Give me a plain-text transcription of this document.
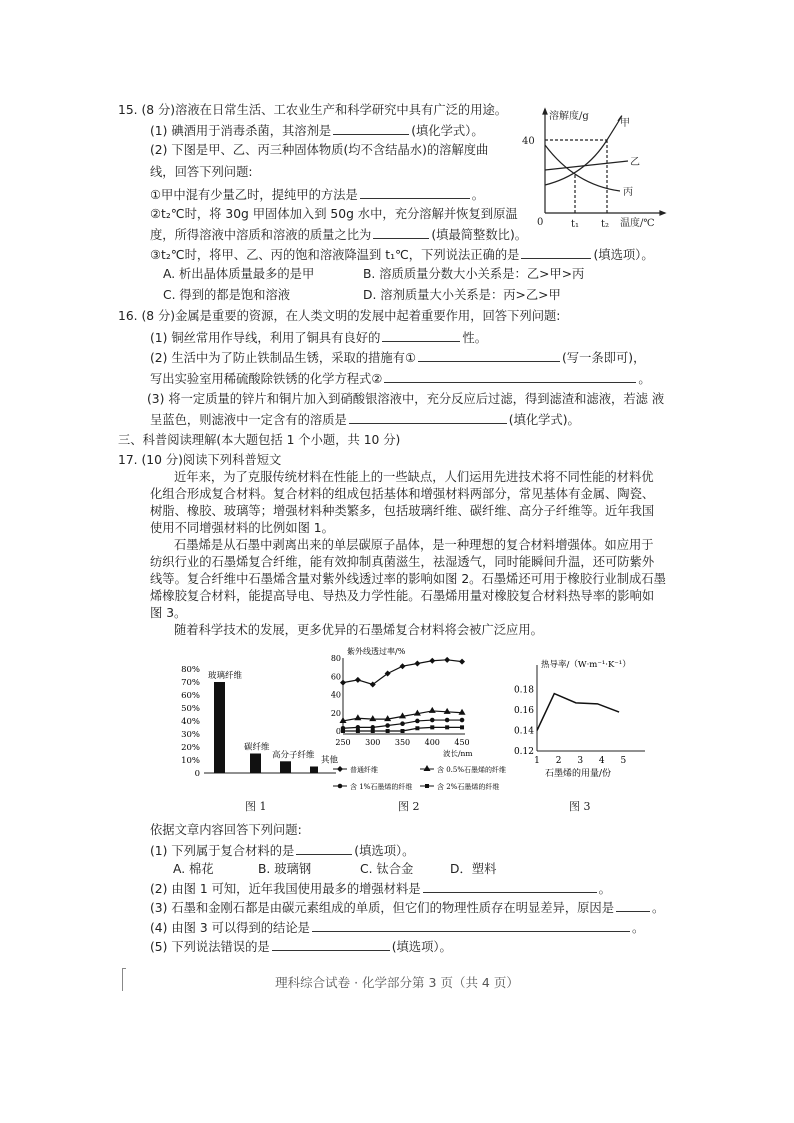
15. (8 分)溶液在日常生活、工农业生产和科学研究中具有广泛的用途。
(1) 碘酒用于消毒杀菌，其溶剂是	(填化学式）。
(2) 下图是甲、乙、丙三种固体物质(均不含结晶水)的溶解度曲
线，回答下列问题:
①甲中混有少量乙时，提纯甲的方法是	。
②t₂℃时，将 30g 甲固体加入到 50g 水中，充分溶解并恢复到原温
度，所得溶液中溶质和溶液的质量之比为	(填最简整数比)。
③t₂℃时，将甲、乙、丙的饱和溶液降温到 t₁℃，下列说法正确的是	(填选项）。
A. 析出晶体质量最多的是甲	B. 溶质质量分数大小关系是：乙>甲>丙
C. 得到的都是饱和溶液	D. 溶剂质量大小关系是：丙>乙>甲
溶解度/g
40
0	t₁ t₂ 温度/℃
甲
乙
丙
16. (8 分)金属是重要的资源，在人类文明的发展中起着重要作用，回答下列问题:
(1) 铜丝常用作导线，利用了铜具有良好的	性。
(2) 生活中为了防止铁制品生锈，采取的措施有①	(写一条即可)，
写出实验室用稀硫酸除铁锈的化学方程式②	。
(3) 将一定质量的锌片和铜片加入到硝酸银溶液中，充分反应后过滤，得到滤渣和滤液，若滤 液
呈蓝色，则滤液中一定含有的溶质是	(填化学式)。
三、科普阅读理解(本大题包括 1 个小题，共 10 分)
17. (10 分)阅读下列科普短文
近年来，为了克服传统材料在性能上的一些缺点，人们运用先进技术将不同性能的材料优
化组合形成复合材料。复合材料的组成包括基体和增强材料两部分，常见基体有金属、陶瓷、
树脂、橡胶、玻璃等；增强材料种类繁多，包括玻璃纤维、碳纤维、高分子纤维等。近年我国
使用不同增强材料的比例如图 1。
石墨烯是从石墨中剥离出来的单层碳原子晶体，是一种理想的复合材料增强体。如应用于
纺织行业的石墨烯复合纤维，能有效抑制真菌滋生，祛湿透气，同时能瞬间升温，还可防紫外
线等。复合纤维中石墨烯含量对紫外线透过率的影响如图 2。石墨烯还可用于橡胶行业制成石墨
烯橡胶复合材料，能提高导电、导热及力学性能。石墨烯用量对橡胶复合材料热导率的影响如
图 3。
随着科学技术的发展，更多优异的石墨烯复合材料将会被广泛应用。
0
10%
20%
30%
40%
50%
60%
70%
80%
玻璃纤维
碳纤维
高分子纤维
其他
0
20
40
60
80
250 300 350 400 450
紫外线透过率/%
波长/nm
普通纤维	含 0.5%石墨烯的纤维
含 1%石墨烯的纤维	含 2%石墨烯的纤维
0.12
0.14
0.16
0.18
1 2 3 4 5
热导率/（W·m⁻¹·K⁻¹）
石墨烯的用量/份
图 1	图 2	图 3
依据文章内容回答下列问题:
(1) 下列属于复合材料的是	(填选项）。
A. 棉花	B. 玻璃钢	C. 钛合金	D．塑料
(2) 由图 1 可知，近年我国使用最多的增强材料是	。
(3) 石墨和金刚石都是由碳元素组成的单质，但它们的物理性质存在明显差异，原因是	。
(4) 由图 3 可以得到的结论是	。
(5) 下列说法错误的是	(填选项）。
理科综合试卷 · 化学部分第 3 页（共 4 页）
